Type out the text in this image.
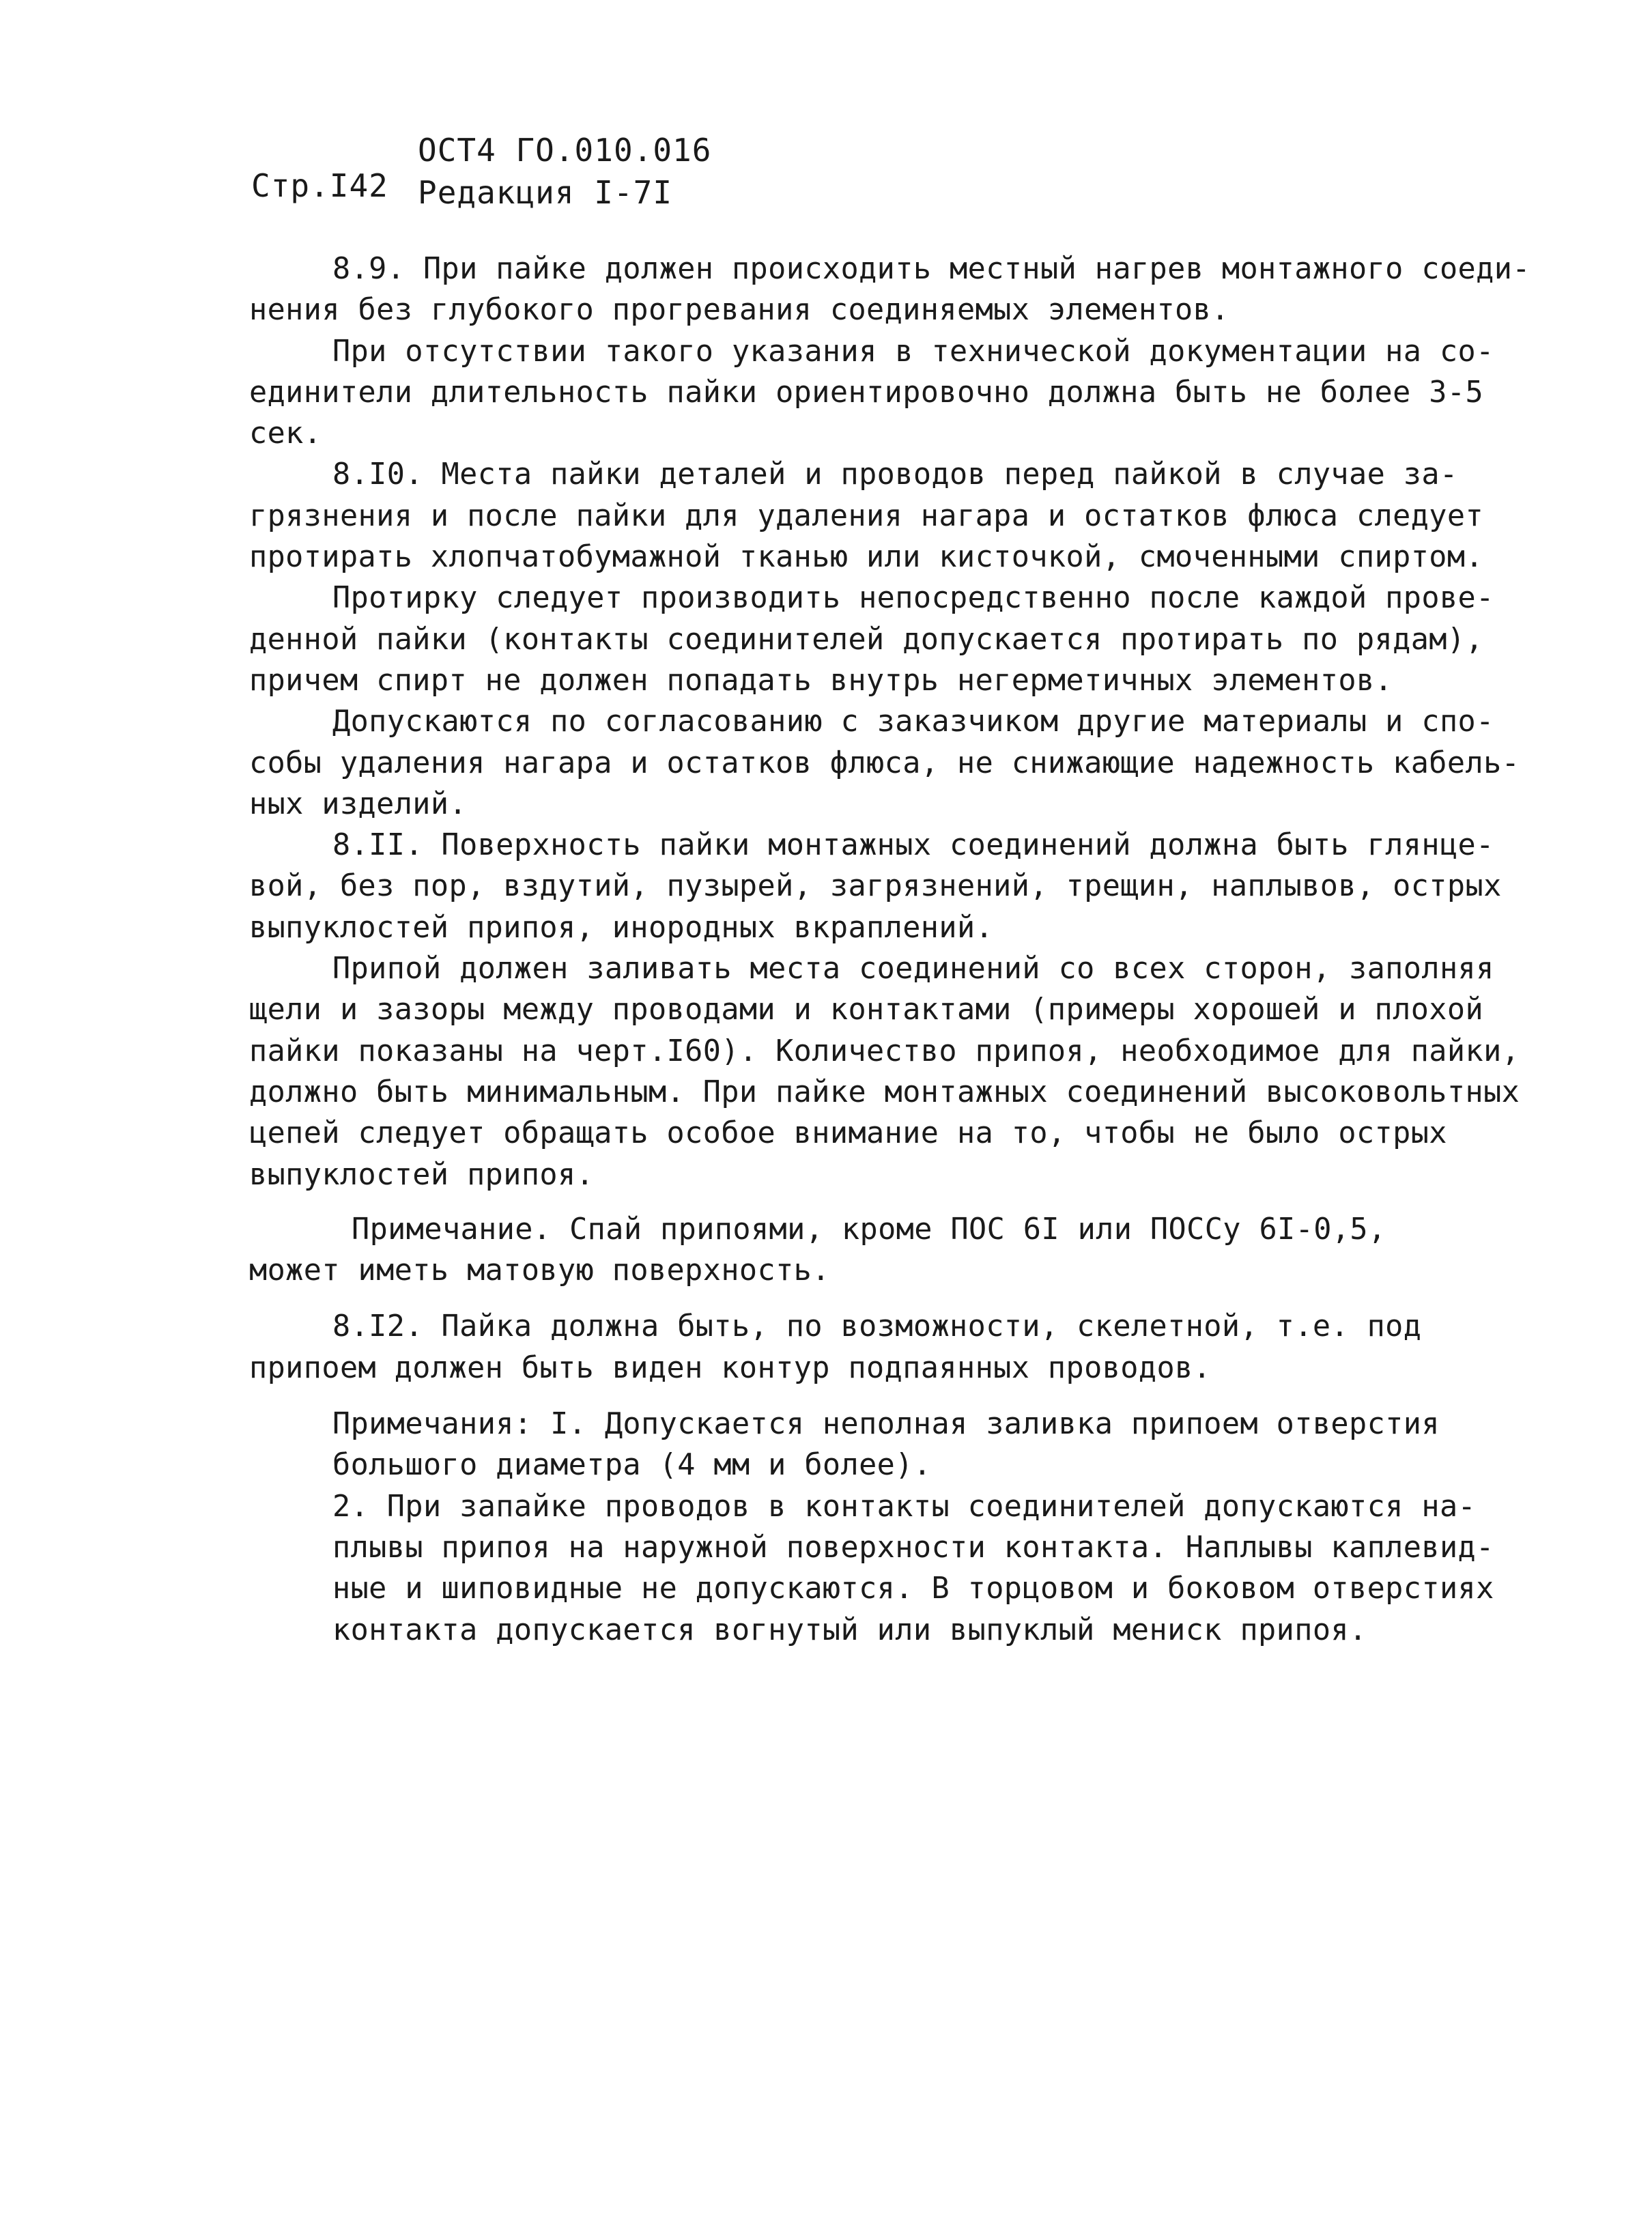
Стр.I42
ОСТ4 ГО.010.016
Редакция I-7I
8.9. При пайке должен происходить местный нагрев монтажного соеди-
нения без глубокого прогревания соединяемых элементов.
При отсутствии такого указания в технической документации на со-
единители длительность пайки ориентировочно должна быть не более 3-5
сек.
8.I0. Места пайки деталей и проводов перед пайкой в случае за-
грязнения и после пайки для удаления нагара и остатков флюса следует
протирать хлопчатобумажной тканью или кисточкой, смоченными спиртом.
Протирку следует производить непосредственно после каждой прове-
денной пайки (контакты соединителей допускается протирать по рядам),
причем спирт не должен попадать внутрь негерметичных элементов.
Допускаются по согласованию с заказчиком другие материалы и спо-
собы удаления нагара и остатков флюса, не снижающие надежность кабель-
ных изделий.
8.II. Поверхность пайки монтажных соединений должна быть глянце-
вой, без пор, вздутий, пузырей, загрязнений, трещин, наплывов, острых
выпуклостей припоя, инородных вкраплений.
Припой должен заливать места соединений со всех сторон, заполняя
щели и зазоры между проводами и контактами (примеры хорошей и плохой
пайки показаны на черт.I60). Количество припоя, необходимое для пайки,
должно быть минимальным. При пайке монтажных соединений высоковольтных
цепей следует обращать особое внимание на то, чтобы не было острых
выпуклостей припоя.
Примечание. Спай припоями, кроме ПОС 6I или ПОССу 6I-0,5,
может иметь матовую поверхность.
8.I2. Пайка должна быть, по возможности, скелетной, т.е. под
припоем должен быть виден контур подпаянных проводов.
Примечания: I. Допускается неполная заливка припоем отверстия
большого диаметра (4 мм и более).
2. При запайке проводов в контакты соединителей допускаются на-
плывы припоя на наружной поверхности контакта. Наплывы каплевид-
ные и шиповидные не допускаются. В торцовом и боковом отверстиях
контакта допускается вогнутый или выпуклый мениск припоя.
